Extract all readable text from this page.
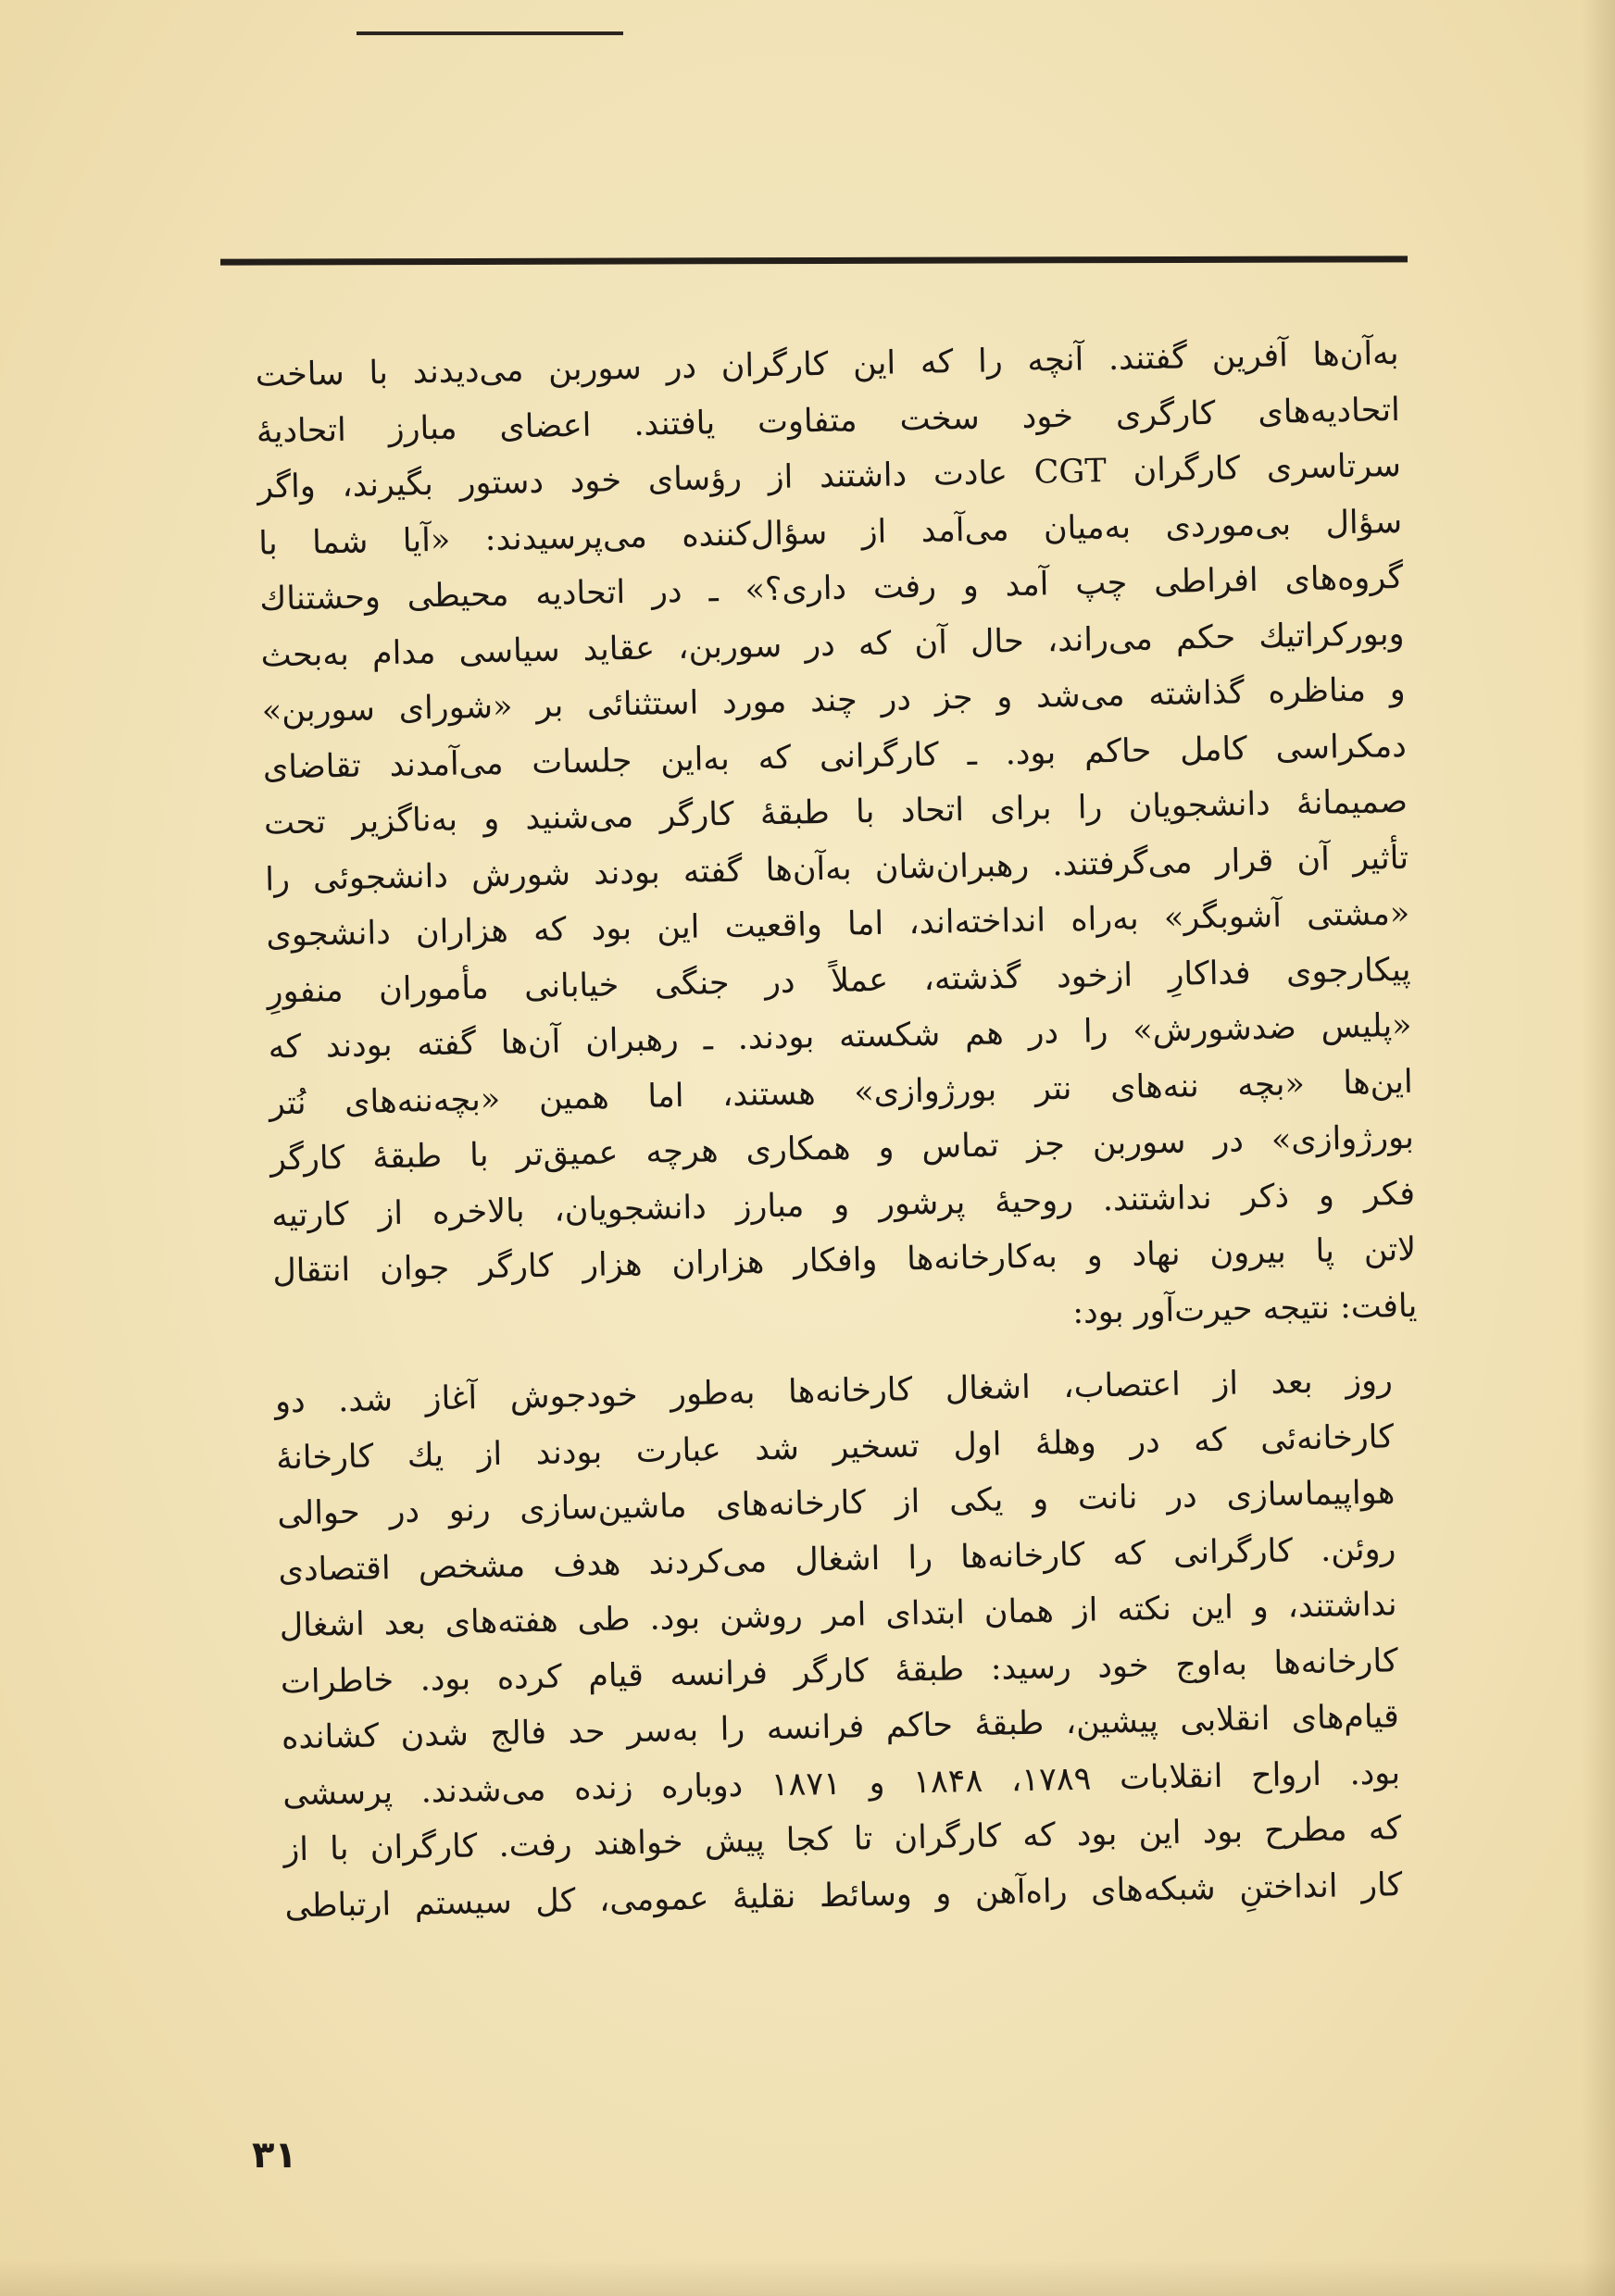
به‌آن‌ها آفرین گفتند. آنچه را که این کارگران در سوربن می‌دیدند با ساخت
اتحادیه‌های کارگری خود سخت متفاوت یافتند. اعضای مبارز اتحادیهٔ
سرتاسری کارگران CGT عادت داشتند از رؤسای خود دستور بگیرند، واگر
سؤال بی‌موردی به‌میان می‌آمد از سؤال‌کننده می‌پرسیدند: «آیا شما با
گروه‌های افراطی چپ آمد و رفت داری؟» ـ در اتحادیه محیطی وحشتناك
وبوركراتیك حكم می‌راند، حال آن که در سوربن، عقاید سیاسی مدام به‌بحث
و مناظره گذاشته می‌شد و جز در چند مورد استثنائی بر «شورای سوربن»
دمكراسی كامل حاكم بود. ـ كارگرانی كه به‌این جلسات می‌آمدند تقاضای
صمیمانهٔ دانشجویان را برای اتحاد با طبقهٔ كارگر می‌شنید و به‌ناگزیر تحت
تأثیر آن قرار می‌گرفتند. رهبران‌شان به‌آن‌ها گفته بودند شورش دانشجوئی را
«مشتی آشوبگر» به‌راه انداخته‌اند، اما واقعیت این بود كه هزاران دانشجوی
پیكارجوی فداكارِ ازخود گذشته، عملاً در جنگی خیابانی مأموران منفورِ
«پلیس ضدشورش» را در هم شكسته بودند. ـ رهبران آن‌ها گفته بودند كه
این‌ها «بچه ننه‌های نتر بورژوازی» هستند، اما همین «بچه‌ننه‌های نُتر
بورژوازی» در سوربن جز تماس و همكاری هرچه عمیق‌تر با طبقهٔ كارگر
فكر و ذكر نداشتند. روحیهٔ پرشور و مبارز دانشجویان، بالاخره از كارتیه
لاتن پا بیرون نهاد و به‌كارخانه‌ها وافكار هزاران هزار كارگر جوان انتقال
یافت: نتیجه حیرت‌آور بود:

روز بعد از اعتصاب، اشغال كارخانه‌ها به‌طور خودجوش آغاز شد. دو
كارخانه‌ئی كه در وهلهٔ اول تسخیر شد عبارت بودند از یك كارخانهٔ
هواپیماسازی در نانت و یكی از كارخانه‌های ماشین‌سازی رنو در حوالی
روئن. كارگرانی كه كارخانه‌ها را اشغال می‌كردند هدف مشخص اقتصادی
نداشتند، و این نكته از همان ابتدای امر روشن بود. طی هفته‌های بعد اشغال
كارخانه‌ها به‌اوج خود رسید: طبقهٔ كارگر فرانسه قیام كرده بود. خاطرات
قیام‌های انقلابی پیشین، طبقهٔ حاكم فرانسه را به‌سر حد فالج شدن كشانده
بود. ارواح انقلابات ۱۷۸۹، ۱۸۴۸ و ۱۸۷۱ دوباره زنده می‌شدند. پرسشی
كه مطرح بود این بود كه كارگران تا كجا پیش خواهند رفت. كارگران با از
كار انداختنِ شبكه‌های راه‌آهن و وسائط نقلیهٔ عمومی، كل سیستم ارتباطی

۳۱
